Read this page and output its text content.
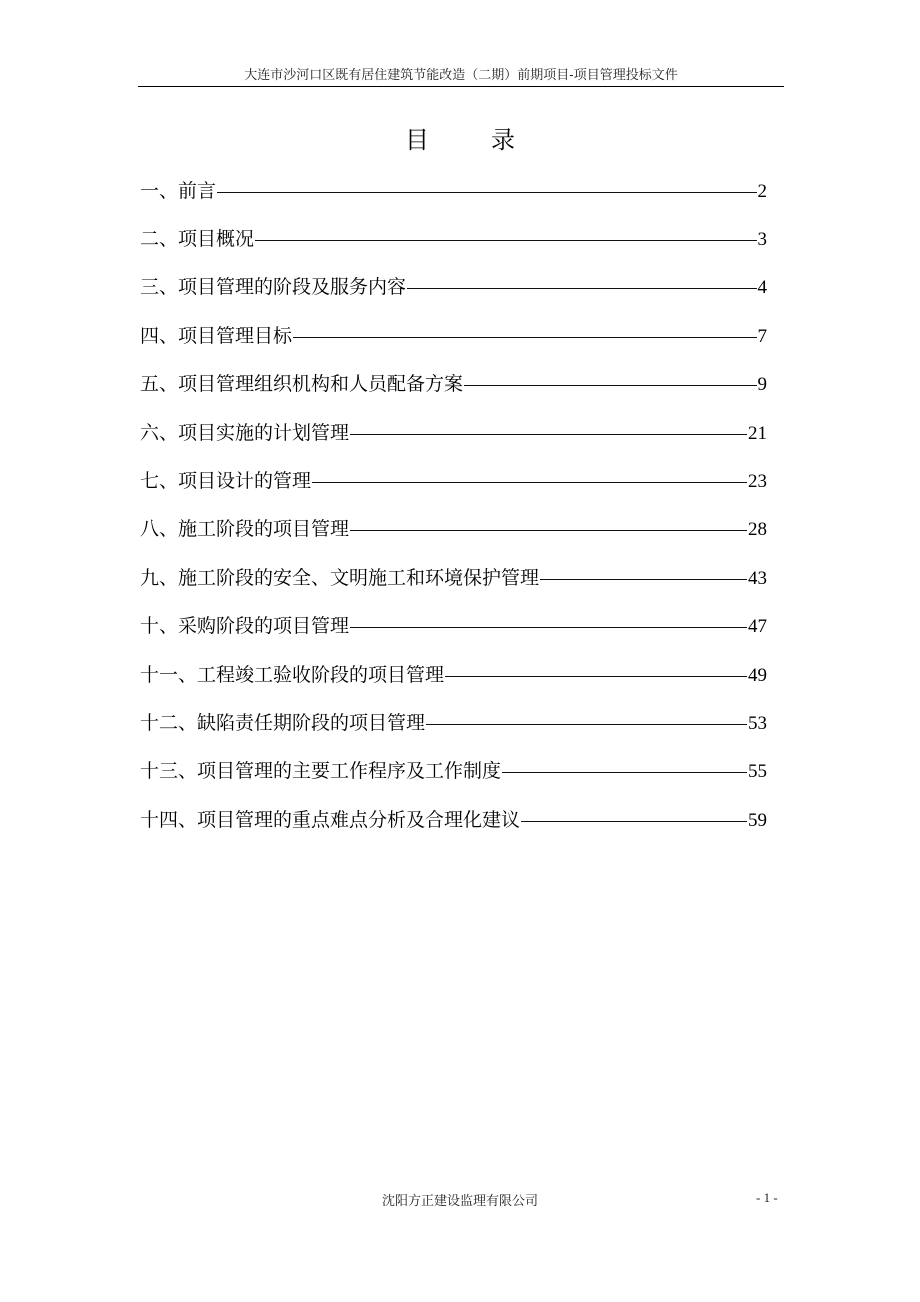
大连市沙河口区既有居住建筑节能改造（二期）前期项目-项目管理投标文件
目	录
一、前言	2
二、项目概况	3
三、项目管理的阶段及服务内容	4
四、项目管理目标	7
五、项目管理组织机构和人员配备方案	9
六、项目实施的计划管理	21
七、项目设计的管理	23
八、施工阶段的项目管理	28
九、施工阶段的安全、文明施工和环境保护管理	43
十、采购阶段的项目管理	47
十一、工程竣工验收阶段的项目管理	49
十二、缺陷责任期阶段的项目管理	53
十三、项目管理的主要工作程序及工作制度	55
十四、项目管理的重点难点分析及合理化建议	59
沈阳方正建设监理有限公司	- 1 -
